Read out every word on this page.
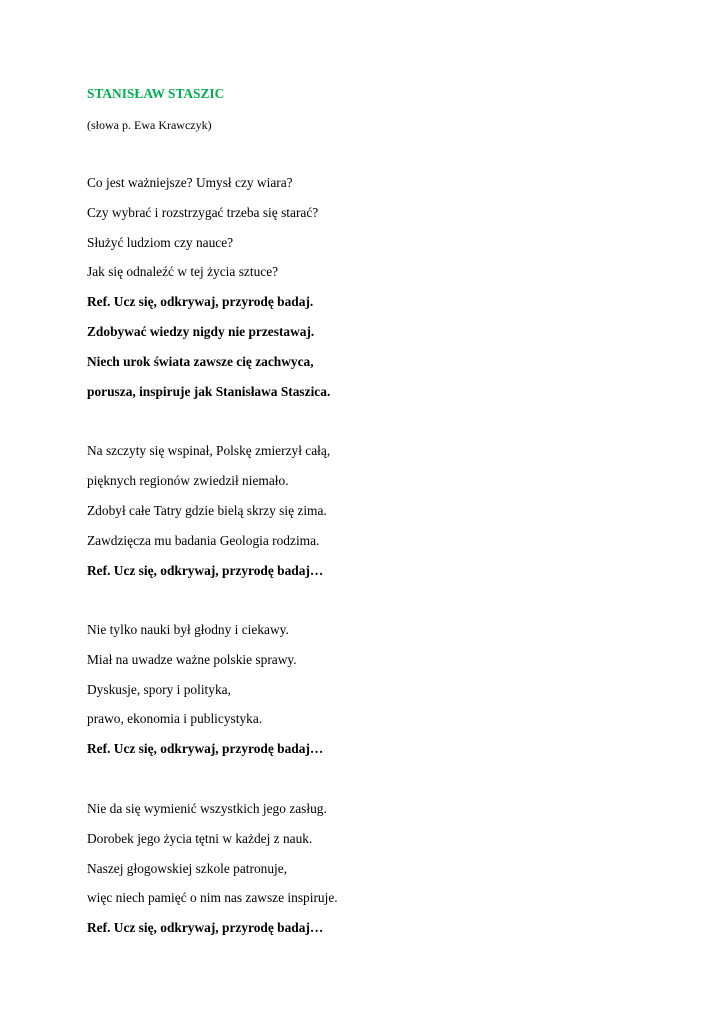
STANISŁAW STASZIC
(słowa p. Ewa Krawczyk)
Co jest ważniejsze? Umysł czy wiara?
Czy wybrać i rozstrzygać trzeba się starać?
Służyć ludziom czy nauce?
Jak się odnaleźć w tej życia sztuce?
Ref. Ucz się, odkrywaj, przyrodę badaj.
Zdobywać wiedzy nigdy nie przestawaj.
Niech urok świata zawsze cię zachwyca,
porusza, inspiruje jak Stanisława Staszica.
Na szczyty się wspinał, Polskę zmierzył całą,
pięknych regionów zwiedził niemało.
Zdobył całe Tatry gdzie bielą skrzy się zima.
Zawdzięcza mu badania Geologia rodzima.
Ref. Ucz się, odkrywaj, przyrodę badaj…
Nie tylko nauki był głodny i ciekawy.
Miał na uwadze ważne polskie sprawy.
Dyskusje, spory i polityka,
prawo, ekonomia i publicystyka.
Ref. Ucz się, odkrywaj, przyrodę badaj…
Nie da się wymienić wszystkich jego zasług.
Dorobek jego życia tętni w każdej z nauk.
Naszej głogowskiej szkole patronuje,
więc niech pamięć o nim nas zawsze inspiruje.
Ref. Ucz się, odkrywaj, przyrodę badaj…
